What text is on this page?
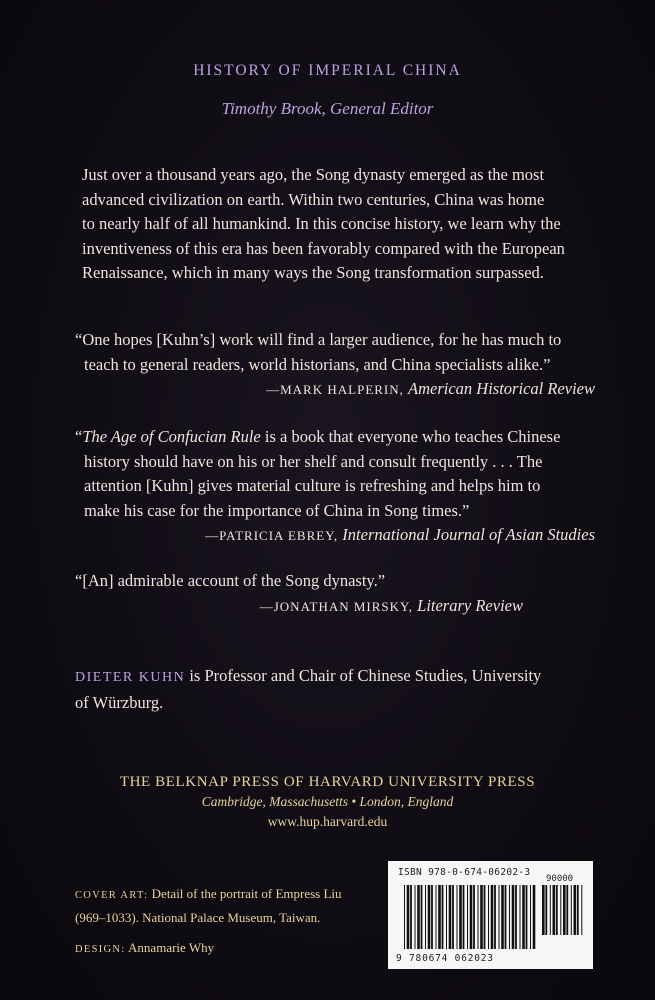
HISTORY OF IMPERIAL CHINA
Timothy Brook, General Editor
Just over a thousand years ago, the Song dynasty emerged as the most
advanced civilization on earth. Within two centuries, China was home
to nearly half of all humankind. In this concise history, we learn why the
inventiveness of this era has been favorably compared with the European
Renaissance, which in many ways the Song transformation surpassed.
“One hopes [Kuhn’s] work will find a larger audience, for he has much to
teach to general readers, world historians, and China specialists alike.”
—MARK HALPERIN, American Historical Review
“The Age of Confucian Rule is a book that everyone who teaches Chinese
history should have on his or her shelf and consult frequently . . . The
attention [Kuhn] gives material culture is refreshing and helps him to
make his case for the importance of China in Song times.”
—PATRICIA EBREY, International Journal of Asian Studies
“[An] admirable account of the Song dynasty.”
—JONATHAN MIRSKY, Literary Review
DIETER KUHN is Professor and Chair of Chinese Studies, University
of Würzburg.
THE BELKNAP PRESS OF HARVARD UNIVERSITY PRESS
Cambridge, Massachusetts • London, England
www.hup.harvard.edu
COVER ART: Detail of the portrait of Empress Liu
(969–1033). National Palace Museum, Taiwan.
DESIGN: Annamarie Why
ISBN 978-0-674-06202-3
90000
9 780674 062023
